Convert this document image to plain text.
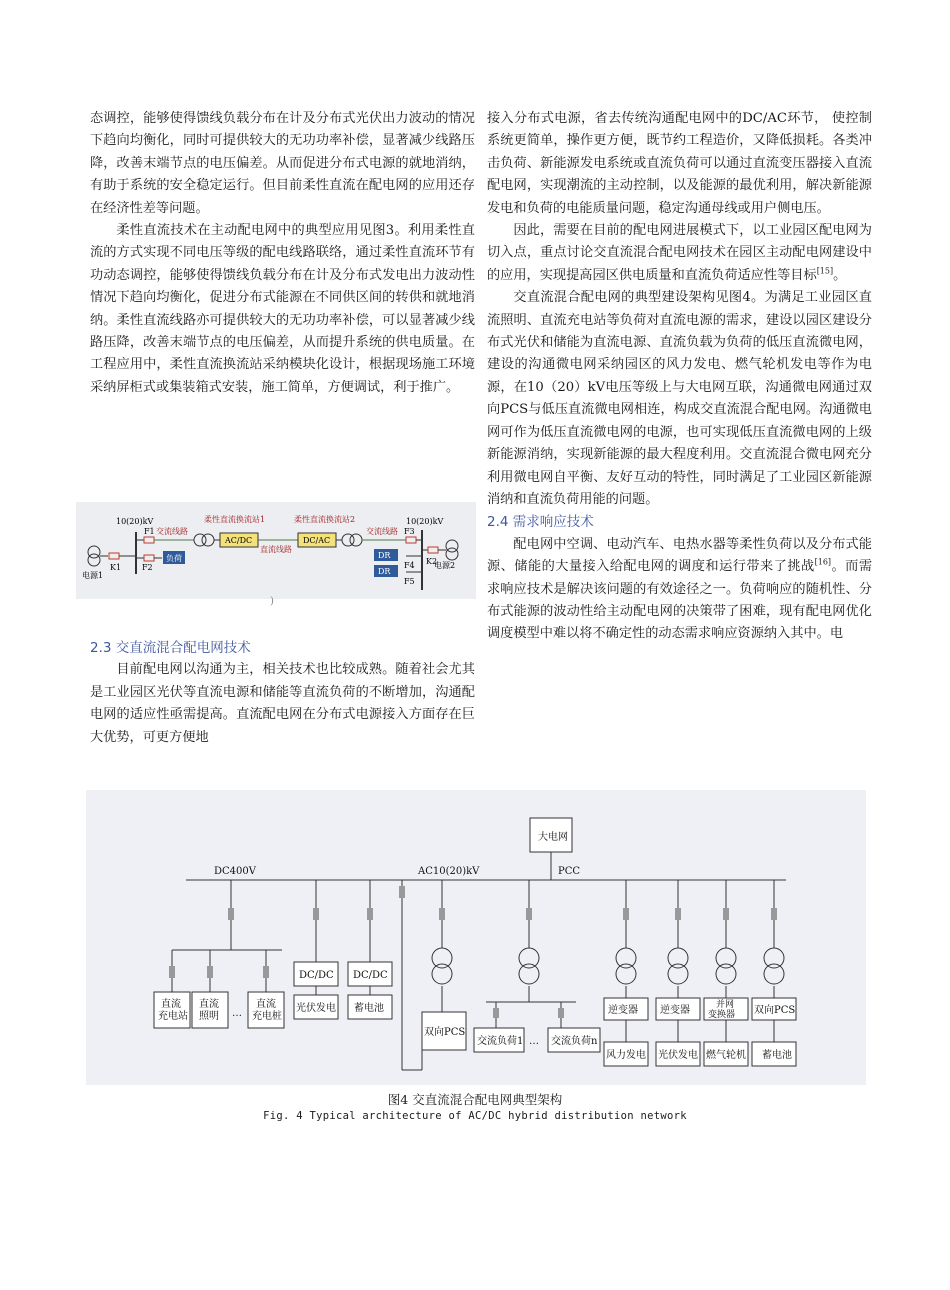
态调控，能够使得馈线负载分布在计及分布式光伏出力波动的情况下趋向均衡化，同时可提供较大的无功功率补偿，显著减少线路压降，改善末端节点的电压偏差。从而促进分布式电源的就地消纳，有助于系统的安全稳定运行。但目前柔性直流在配电网的应用还存在经济性差等问题。

柔性直流技术在主动配电网中的典型应用见图3。利用柔性直流的方式实现不同电压等级的配电线路联络，通过柔性直流环节有功动态调控，能够使得馈线负载分布在计及分布式发电出力波动性情况下趋向均衡化，促进分布式能源在不同供区间的转供和就地消纳。柔性直流线路亦可提供较大的无功功率补偿，可以显著减少线路压降，改善末端节点的电压偏差，从而提升系统的供电质量。在工程应用中，柔性直流换流站采纳模块化设计，根据现场施工环境采纳屏柜式或集装箱式安装，施工简单，方便调试，利于推广。

10(20)kV	10(20)kV
电源1
电源2
K1
K2
F1
F2
F3
F4
F5
交流线路	交流线路
柔性直流换流站1	柔性直流换流站2
AC/DC	DC/AC
直流线路
负荷	DR
DR
)

2.3 交直流混合配电网技术

目前配电网以沟通为主，相关技术也比较成熟。随着社会尤其是工业园区光伏等直流电源和储能等直流负荷的不断增加，沟通配电网的适应性亟需提高。直流配电网在分布式电源接入方面存在巨大优势，可更方便地

接入分布式电源，省去传统沟通配电网中的DC/AC环节， 使控制系统更简单，操作更方便，既节约工程造价，又降低损耗。各类冲击负荷、新能源发电系统或直流负荷可以通过直流变压器接入直流配电网，实现潮流的主动控制，以及能源的最优利用，解决新能源发电和负荷的电能质量问题，稳定沟通母线或用户侧电压。

因此，需要在目前的配电网进展模式下，以工业园区配电网为切入点，重点讨论交直流混合配电网技术在园区主动配电网建设中的应用，实现提高园区供电质量和直流负荷适应性等目标[15]。

交直流混合配电网的典型建设架构见图4。为满足工业园区直流照明、直流充电站等负荷对直流电源的需求，建设以园区建设分布式光伏和储能为直流电源、直流负载为负荷的低压直流微电网，建设的沟通微电网采纳园区的风力发电、燃气轮机发电等作为电源，在10（20）kV电压等级上与大电网互联，沟通微电网通过双向PCS与低压直流微电网相连，构成交直流混合配电网。沟通微电网可作为低压直流微电网的电源，也可实现低压直流微电网的上级新能源消纳，实现新能源的最大程度利用。交直流混合微电网充分利用微电网自平衡、友好互动的特性，同时满足了工业园区新能源消纳和直流负荷用能的问题。

2.4 需求响应技术

配电网中空调、电动汽车、电热水器等柔性负荷以及分布式能源、储能的大量接入给配电网的调度和运行带来了挑战[16]。而需求响应技术是解决该问题的有效途径之一。负荷响应的随机性、分布式能源的波动性给主动配电网的决策带了困难，现有配电网优化调度模型中难以将不确定性的动态需求响应资源纳入其中。电

大电网
PCC
DC400V	AC10(20)kV
直流充电站
直流照明
直流充电桩
…
DC/DC DC/DC
光伏发电 蓄电池
双向PCS
交流负荷1 … 交流负荷n
逆变器 逆变器	并网变换器 双向PCS
风力发电 光伏发电 燃气轮机 蓄电池
图4 交直流混合配电网典型架构
Fig. 4 Typical architecture of AC/DC hybrid distribution network
